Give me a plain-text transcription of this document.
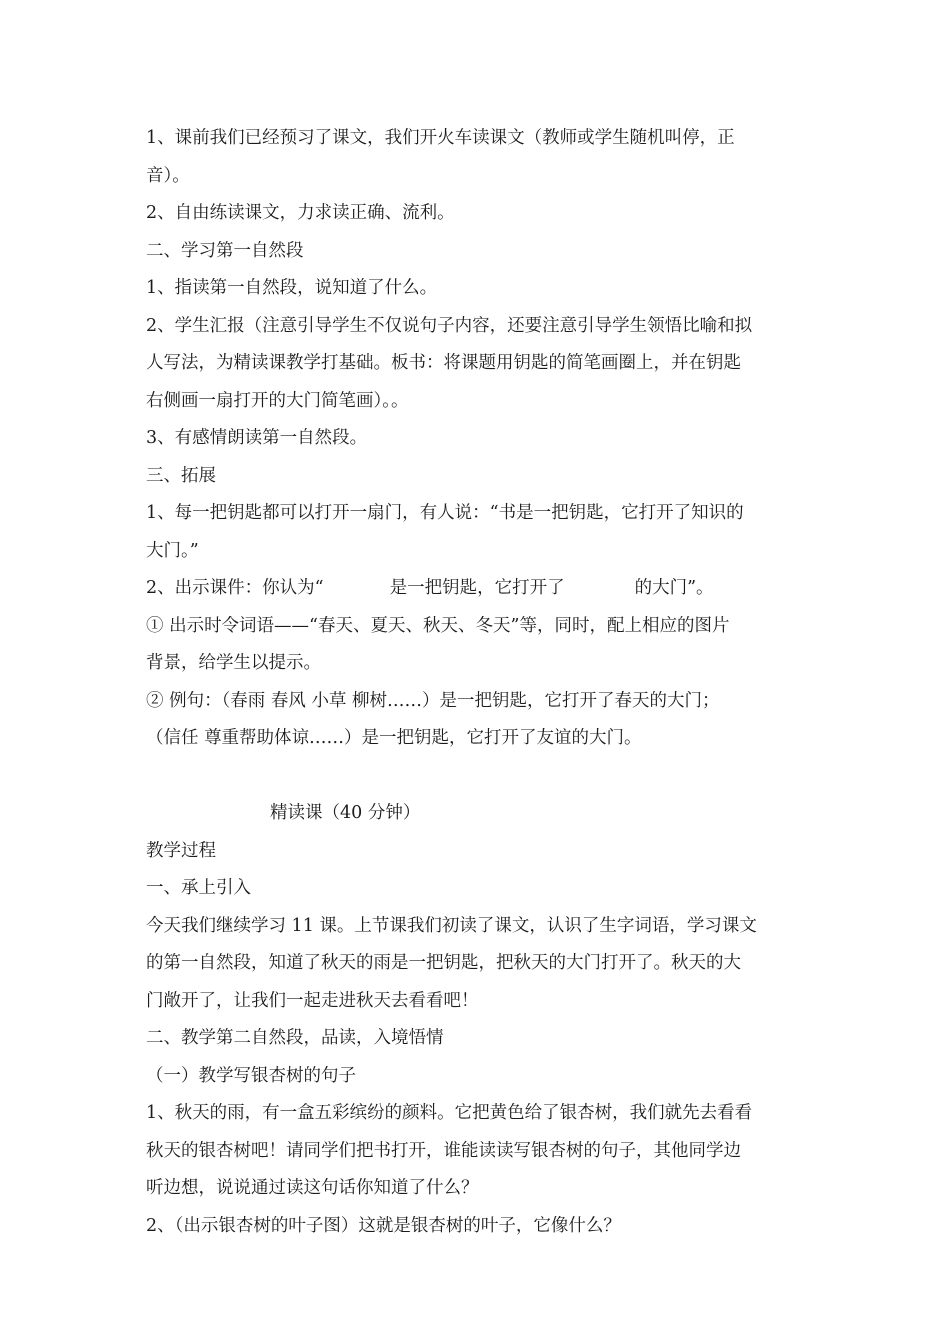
1、课前我们已经预习了课文，我们开火车读课文（教师或学生随机叫停，正
音）。
2、自由练读课文，力求读正确、流利。
二、学习第一自然段
1、指读第一自然段，说知道了什么。
2、学生汇报（注意引导学生不仅说句子内容，还要注意引导学生领悟比喻和拟
人写法，为精读课教学打基础。板书：将课题用钥匙的简笔画圈上，并在钥匙
右侧画一扇打开的大门简笔画）。。
3、有感情朗读第一自然段。
三、拓展
1、每一把钥匙都可以打开一扇门，有人说：“书是一把钥匙，它打开了知识的
大门。”
2、出示课件：你认为“	是一把钥匙，它打开了	的大门”。
① 出示时令词语——“春天、夏天、秋天、冬天”等，同时，配上相应的图片
背景，给学生以提示。
② 例句：（春雨 春风 小草 柳树……）是一把钥匙，它打开了春天的大门；
（信任 尊重帮助体谅……）是一把钥匙，它打开了友谊的大门。
精读课（40 分钟）
教学过程
一、承上引入
今天我们继续学习 11 课。上节课我们初读了课文，认识了生字词语，学习课文
的第一自然段，知道了秋天的雨是一把钥匙，把秋天的大门打开了。秋天的大
门敞开了，让我们一起走进秋天去看看吧！
二、教学第二自然段，品读，入境悟情
（一）教学写银杏树的句子
1、秋天的雨，有一盒五彩缤纷的颜料。它把黄色给了银杏树，我们就先去看看
秋天的银杏树吧！请同学们把书打开，谁能读读写银杏树的句子，其他同学边
听边想，说说通过读这句话你知道了什么？
2、（出示银杏树的叶子图）这就是银杏树的叶子，它像什么？
